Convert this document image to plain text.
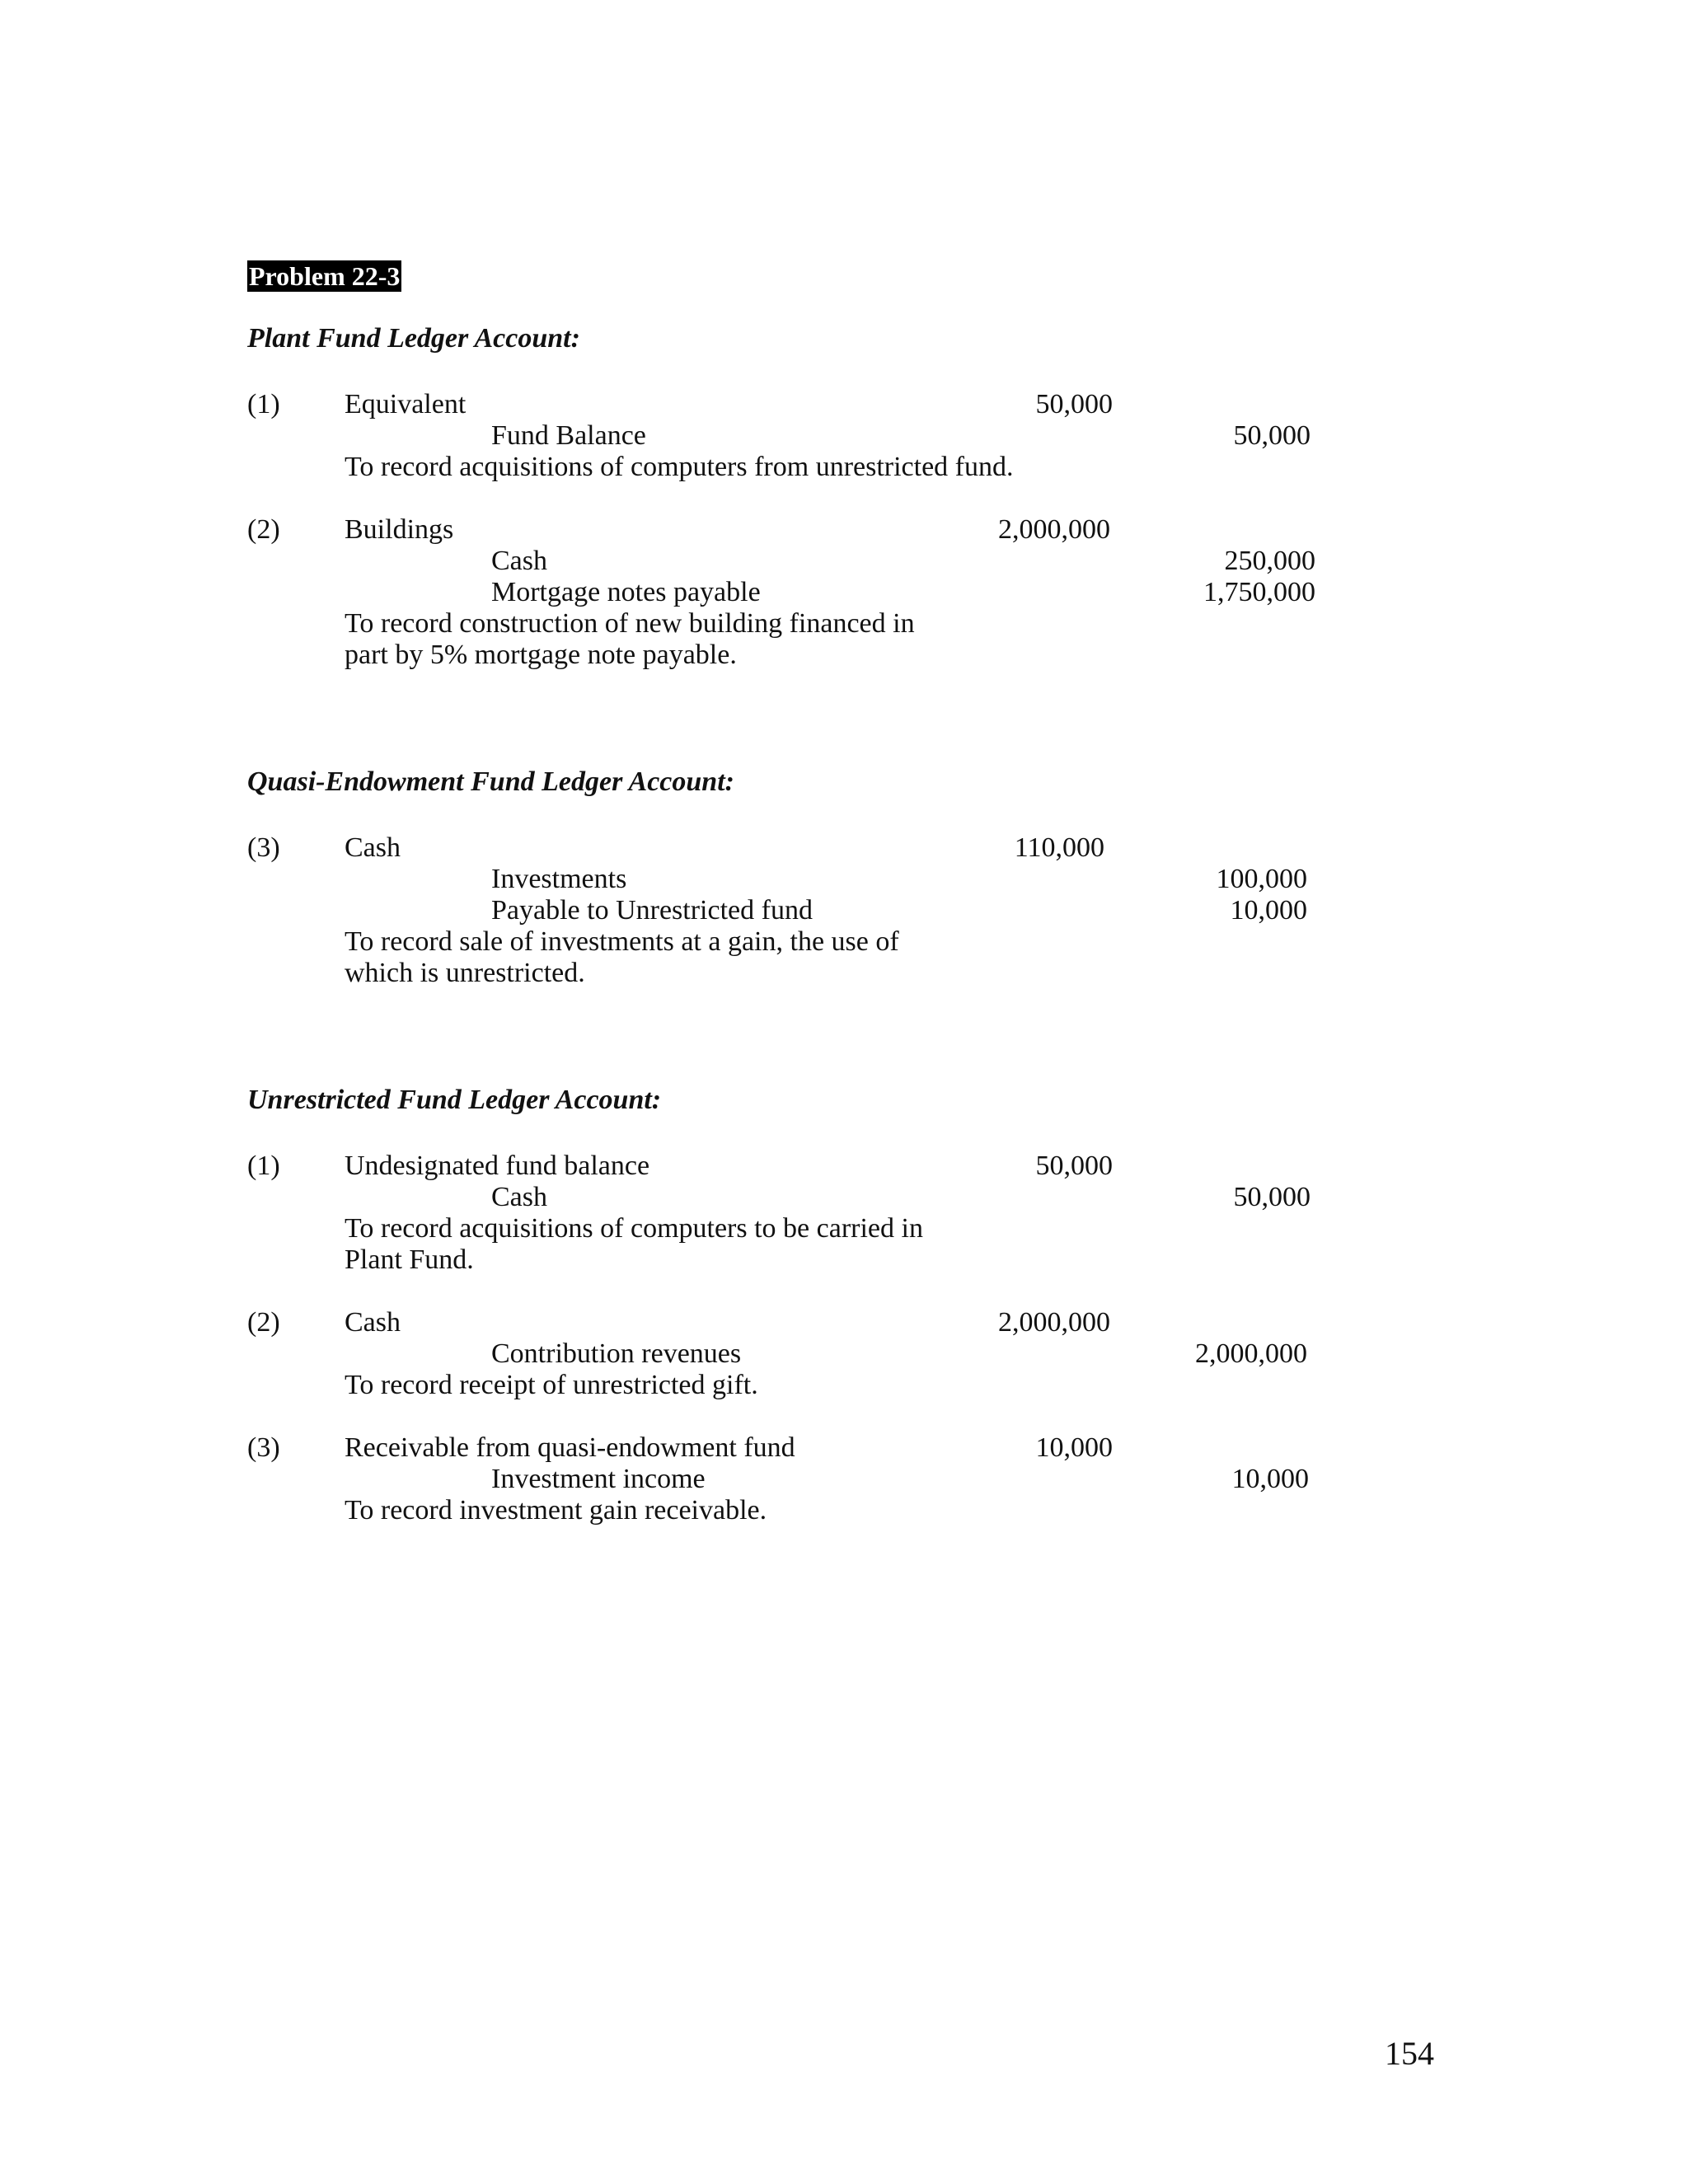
Problem 22-3
Plant Fund Ledger Account:
(1) Equivalent	50,000
Fund Balance	50,000
To record acquisitions of computers from unrestricted fund.
(2) Buildings	2,000,000
Cash	250,000
Mortgage notes payable	1,750,000
To record construction of new building financed in
part by 5% mortgage note payable.
Quasi-Endowment Fund Ledger Account:
(3) Cash	110,000
Investments	100,000
Payable to Unrestricted fund	10,000
To record sale of investments at a gain, the use of
which is unrestricted.
Unrestricted Fund Ledger Account:
(1) Undesignated fund balance	50,000
Cash	50,000
To record acquisitions of computers to be carried in
Plant Fund.
(2) Cash	2,000,000
Contribution revenues	2,000,000
To record receipt of unrestricted gift.
(3) Receivable from quasi-endowment fund	10,000
Investment income	10,000
To record investment gain receivable.
154
